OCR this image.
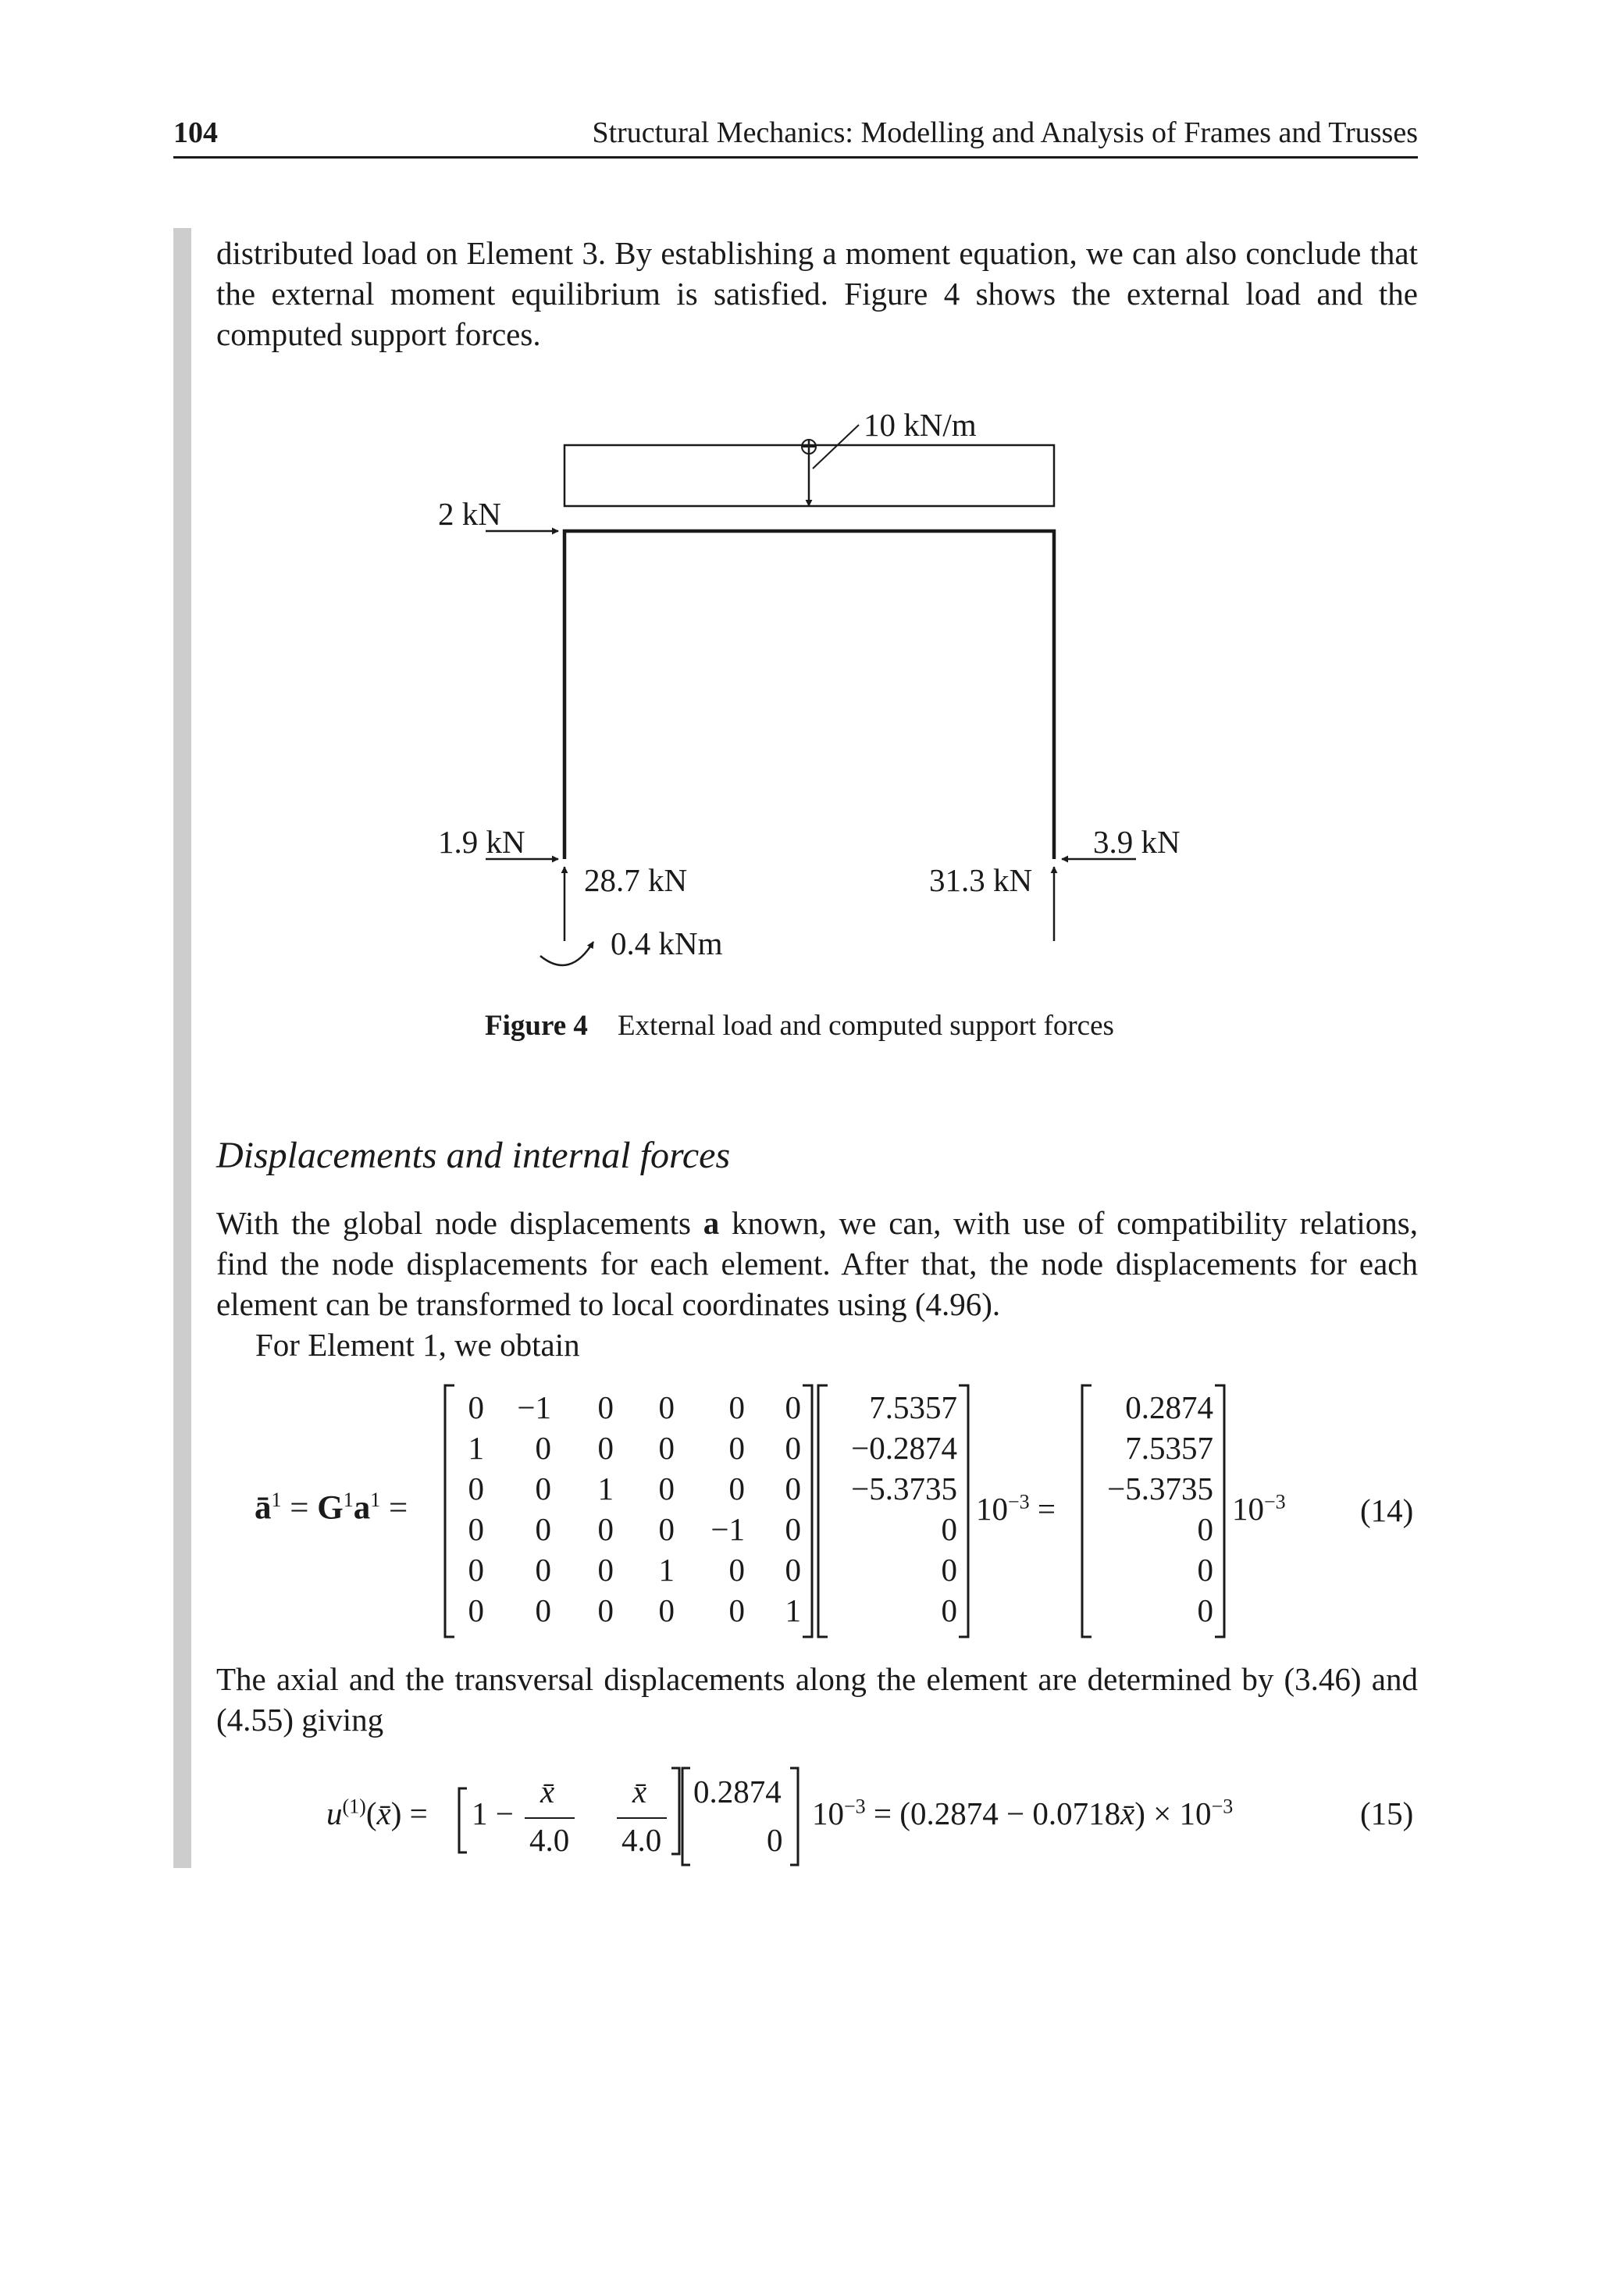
104	Structural Mechanics: Modelling and Analysis of Frames and Trusses

distributed load on Element 3. By establishing a moment equation, we can also conclude that the external moment equilibrium is satisfied. Figure 4 shows the external load and the computed support forces.

10 kN/m
2 kN
1.9 kN
28.7 kN
0.4 kNm
3.9 kN
31.3 kN
Figure 4 External load and computed support forces
Displacements and internal forces

With the global node displacements a known, we can, with use of compatibility relations, find the node displacements for each element. After that, the node displacements for each element can be transformed to local coordinates using (4.96).

For Element 1, we obtain

$ā^1 = G^1a^1$ =
0 −1 0 0 0 0
1 0 0 0 0 0
0 0 1 0 0 0
0 0 0 0 −1 0
0 0 0 1 0 0
0 0 0 0 0 1
7.5357
−0.2874
−5.3735
0
0
0
0.2874
7.5357
−5.3735
0
0
0
$10^{-3}$ =	$10^{-3}$ (14)

The axial and the transversal displacements along the element are determined by (3.46) and (4.55) giving

$u^{(1)}(x̄) = 1$ −
x̄
4.0
x̄
4.0
0.2874
0
$10^{-3} = (0.2874$ − 0.0718x̄) × $10^{-3}$	(15)
